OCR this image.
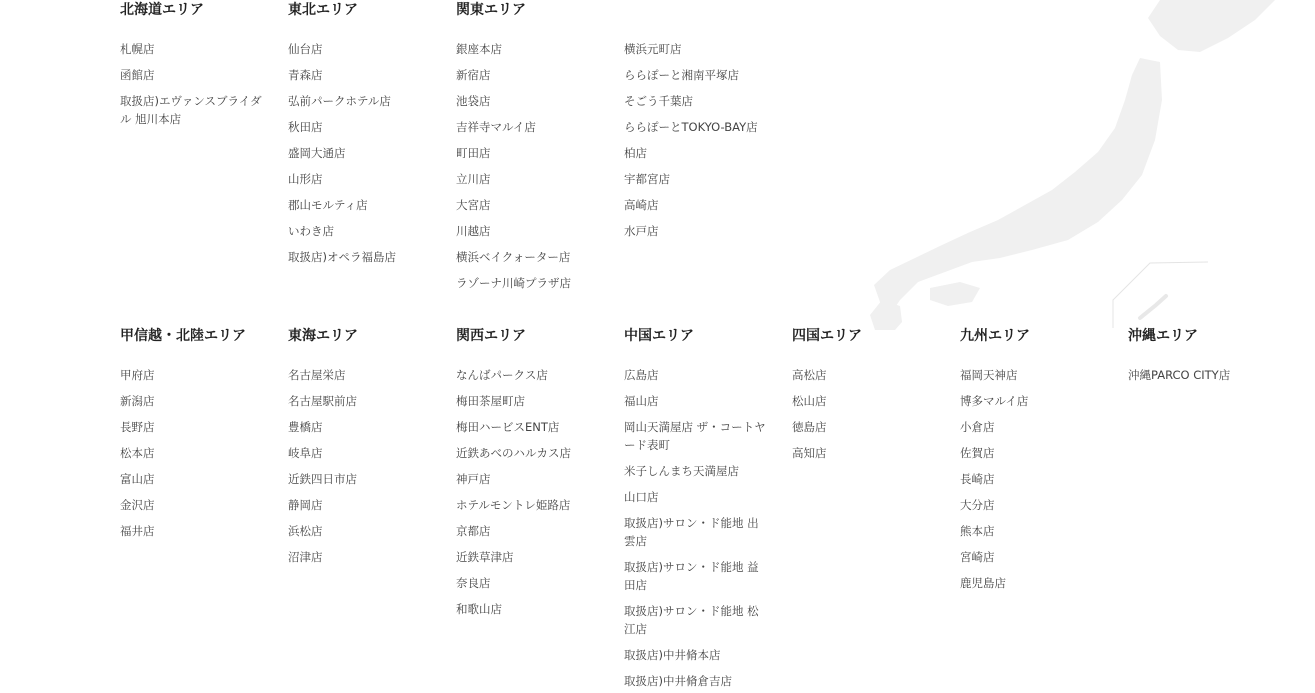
北海道エリア
札幌店
函館店
取扱店)エヴァンスブライダル 旭川本店
東北エリア
仙台店
青森店
弘前パークホテル店
秋田店
盛岡大通店
山形店
郡山モルティ店
いわき店
取扱店)オペラ福島店
関東エリア
銀座本店
新宿店
池袋店
吉祥寺マルイ店
町田店
立川店
大宮店
川越店
横浜ベイクォーター店
ラゾーナ川崎プラザ店
横浜元町店
ららぽーと湘南平塚店
そごう千葉店
ららぽーとTOKYO-BAY店
柏店
宇都宮店
高崎店
水戸店
甲信越・北陸エリア
甲府店
新潟店
長野店
松本店
富山店
金沢店
福井店
東海エリア
名古屋栄店
名古屋駅前店
豊橋店
岐阜店
近鉄四日市店
静岡店
浜松店
沼津店
関西エリア
なんばパークス店
梅田茶屋町店
梅田ハービスENT店
近鉄あべのハルカス店
神戸店
ホテルモントレ姫路店
京都店
近鉄草津店
奈良店
和歌山店
中国エリア
広島店
福山店
岡山天満屋店 ザ・コートヤード表町
米子しんまち天満屋店
山口店
取扱店)サロン・ド能地 出雲店
取扱店)サロン・ド能地 益田店
取扱店)サロン・ド能地 松江店
取扱店)中井脩本店
取扱店)中井脩倉吉店
四国エリア
高松店
松山店
徳島店
高知店
九州エリア
福岡天神店
博多マルイ店
小倉店
佐賀店
長崎店
大分店
熊本店
宮崎店
鹿児島店
沖縄エリア
沖縄PARCO CITY店
